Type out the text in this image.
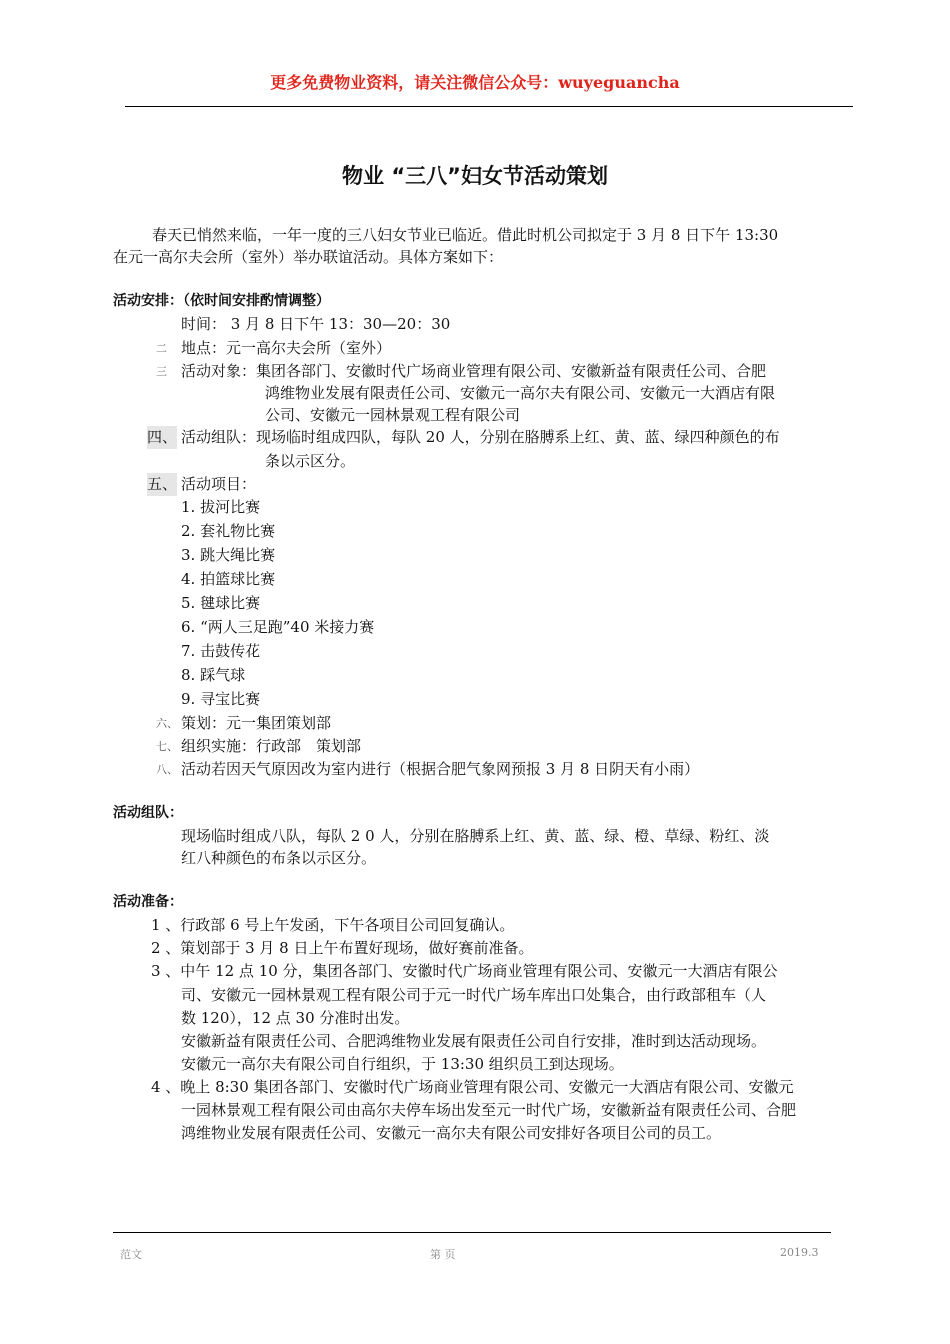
更多免费物业资料，请关注微信公众号：wuyeguancha
物业 “三八”妇女节活动策划
春天已悄然来临，一年一度的三八妇女节业已临近。借此时机公司拟定于 3 月 8 日下午 13:30
在元一高尔夫会所（室外）举办联谊活动。具体方案如下：
活动安排：（依时间安排酌情调整）
时间： 3 月 8 日下午 13：30—20：30
二 地点：元一高尔夫会所（室外）
三 活动对象：集团各部门、安徽时代广场商业管理有限公司、安徽新益有限责任公司、合肥
鸿维物业发展有限责任公司、安徽元一高尔夫有限公司、安徽元一大酒店有限
公司、安徽元一园林景观工程有限公司
四、 活动组队：现场临时组成四队，每队 20 人，分别在胳膊系上红、黄、蓝、绿四种颜色的布
条以示区分。
五、 活动项目：
1. 拔河比赛
2. 套礼物比赛
3. 跳大绳比赛
4. 拍篮球比赛
5. 毽球比赛
6. “两人三足跑”40 米接力赛
7. 击鼓传花
8. 踩气球
9. 寻宝比赛
六、 策划：元一集团策划部
七、 组织实施：行政部　策划部
八、 活动若因天气原因改为室内进行（根据合肥气象网预报 3 月 8 日阴天有小雨）
活动组队：
现场临时组成八队，每队 2 0 人，分别在胳膊系上红、黄、蓝、绿、橙、草绿、粉红、淡
红八种颜色的布条以示区分。
活动准备：
1 、行政部 6 号上午发函，下午各项目公司回复确认。
2 、策划部于 3 月 8 日上午布置好现场，做好赛前准备。
3 、中午 12 点 10 分，集团各部门、安徽时代广场商业管理有限公司、安徽元一大酒店有限公
司、安徽元一园林景观工程有限公司于元一时代广场车库出口处集合，由行政部租车（人
数 120），12 点 30 分准时出发。
安徽新益有限责任公司、合肥鸿维物业发展有限责任公司自行安排，准时到达活动现场。
安徽元一高尔夫有限公司自行组织，于 13:30 组织员工到达现场。
4 、晚上 8:30 集团各部门、安徽时代广场商业管理有限公司、安徽元一大酒店有限公司、安徽元
一园林景观工程有限公司由高尔夫停车场出发至元一时代广场，安徽新益有限责任公司、合肥
鸿维物业发展有限责任公司、安徽元一高尔夫有限公司安排好各项目公司的员工。
范文	第 页	2019.3
